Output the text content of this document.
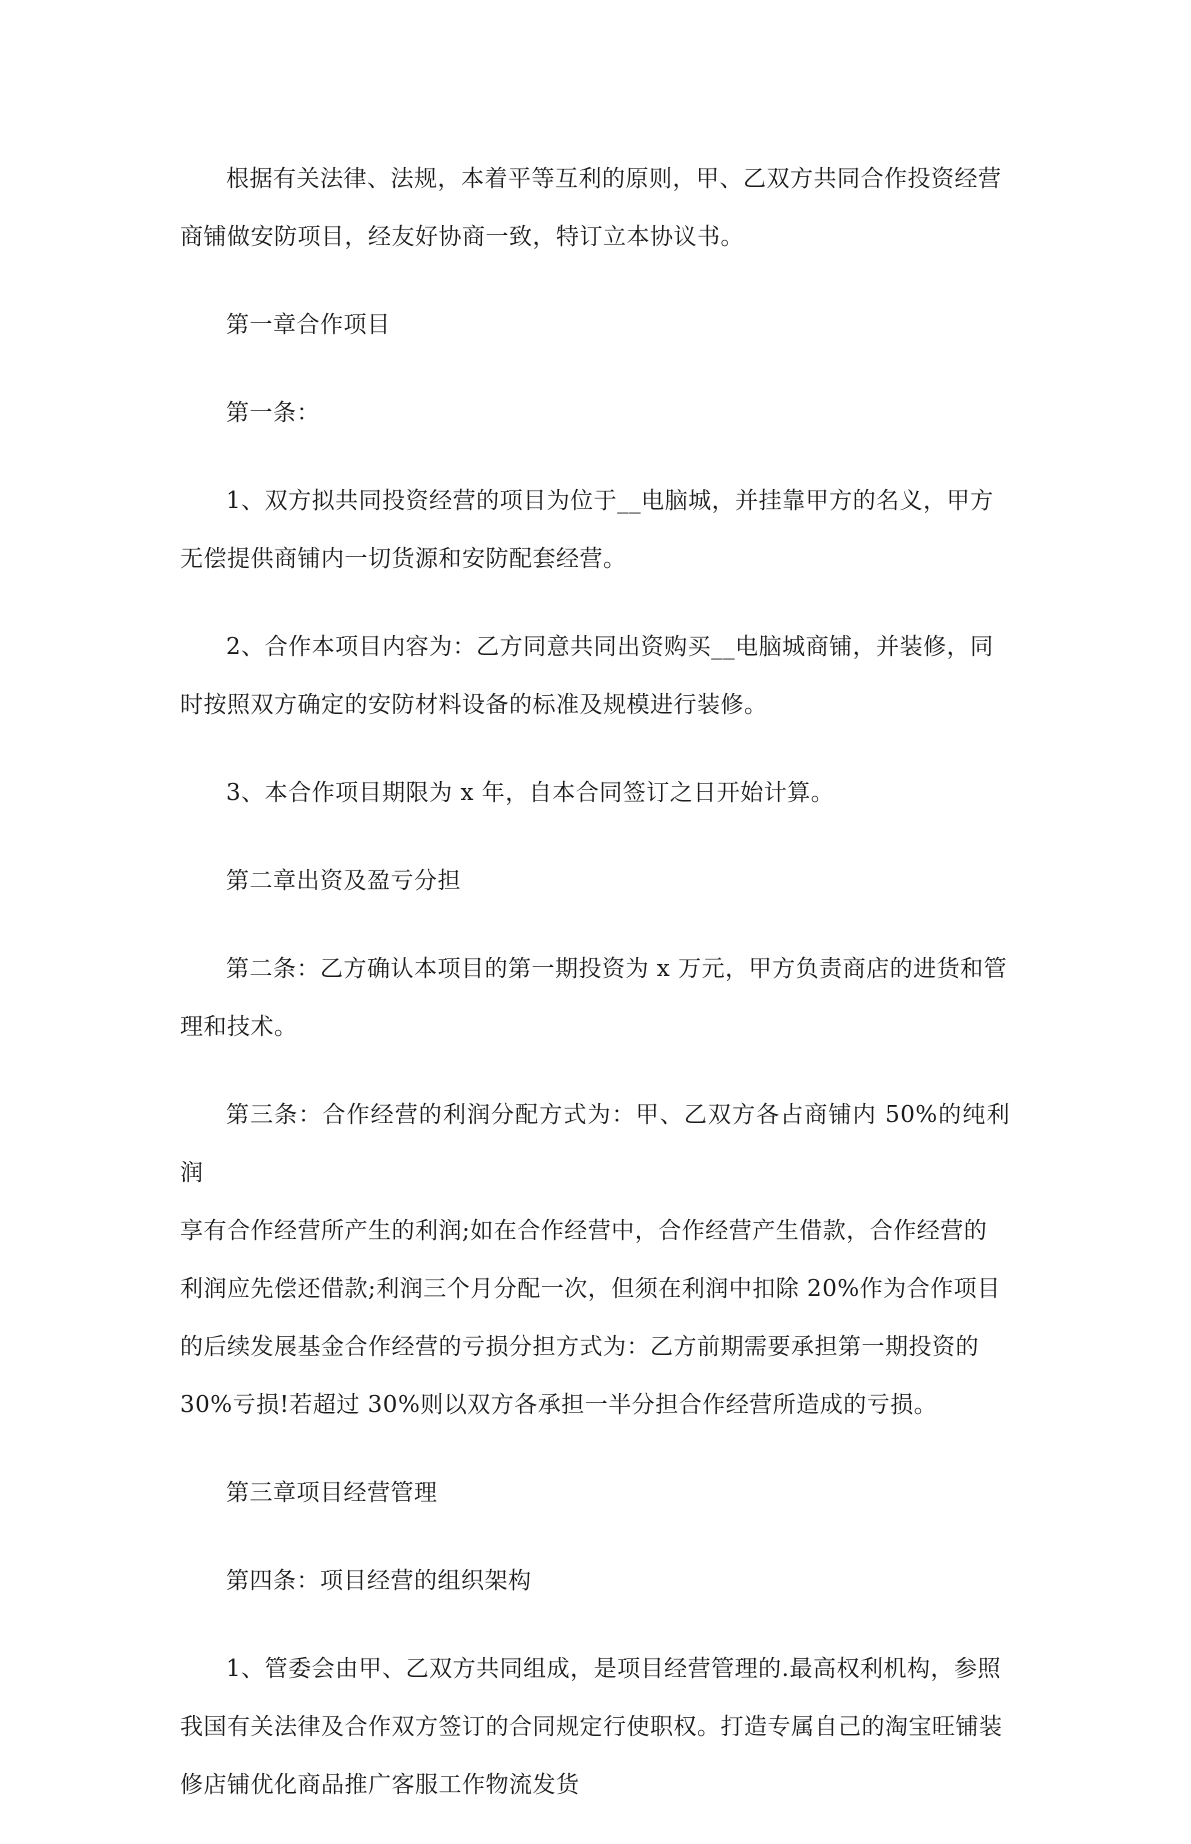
根据有关法律、法规，本着平等互利的原则，甲、乙双方共同合作投资经营
商铺做安防项目，经友好协商一致，特订立本协议书。

第一章合作项目

第一条：

1、双方拟共同投资经营的项目为位于__电脑城，并挂靠甲方的名义，甲方
无偿提供商铺内一切货源和安防配套经营。

2、合作本项目内容为：乙方同意共同出资购买__电脑城商铺，并装修，同
时按照双方确定的安防材料设备的标准及规模进行装修。

3、本合作项目期限为 x 年，自本合同签订之日开始计算。

第二章出资及盈亏分担

第二条：乙方确认本项目的第一期投资为 x 万元，甲方负责商店的进货和管
理和技术。

第三条：合作经营的利润分配方式为：甲、乙双方各占商铺内 50%的纯利润
享有合作经营所产生的利润;如在合作经营中，合作经营产生借款，合作经营的
利润应先偿还借款;利润三个月分配一次，但须在利润中扣除 20%作为合作项目
的后续发展基金合作经营的亏损分担方式为：乙方前期需要承担第一期投资的
30%亏损!若超过 30%则以双方各承担一半分担合作经营所造成的亏损。

第三章项目经营管理

第四条：项目经营的组织架构

1、管委会由甲、乙双方共同组成，是项目经营管理的.最高权利机构，参照
我国有关法律及合作双方签订的合同规定行使职权。打造专属自己的淘宝旺铺装
修店铺优化商品推广客服工作物流发货
